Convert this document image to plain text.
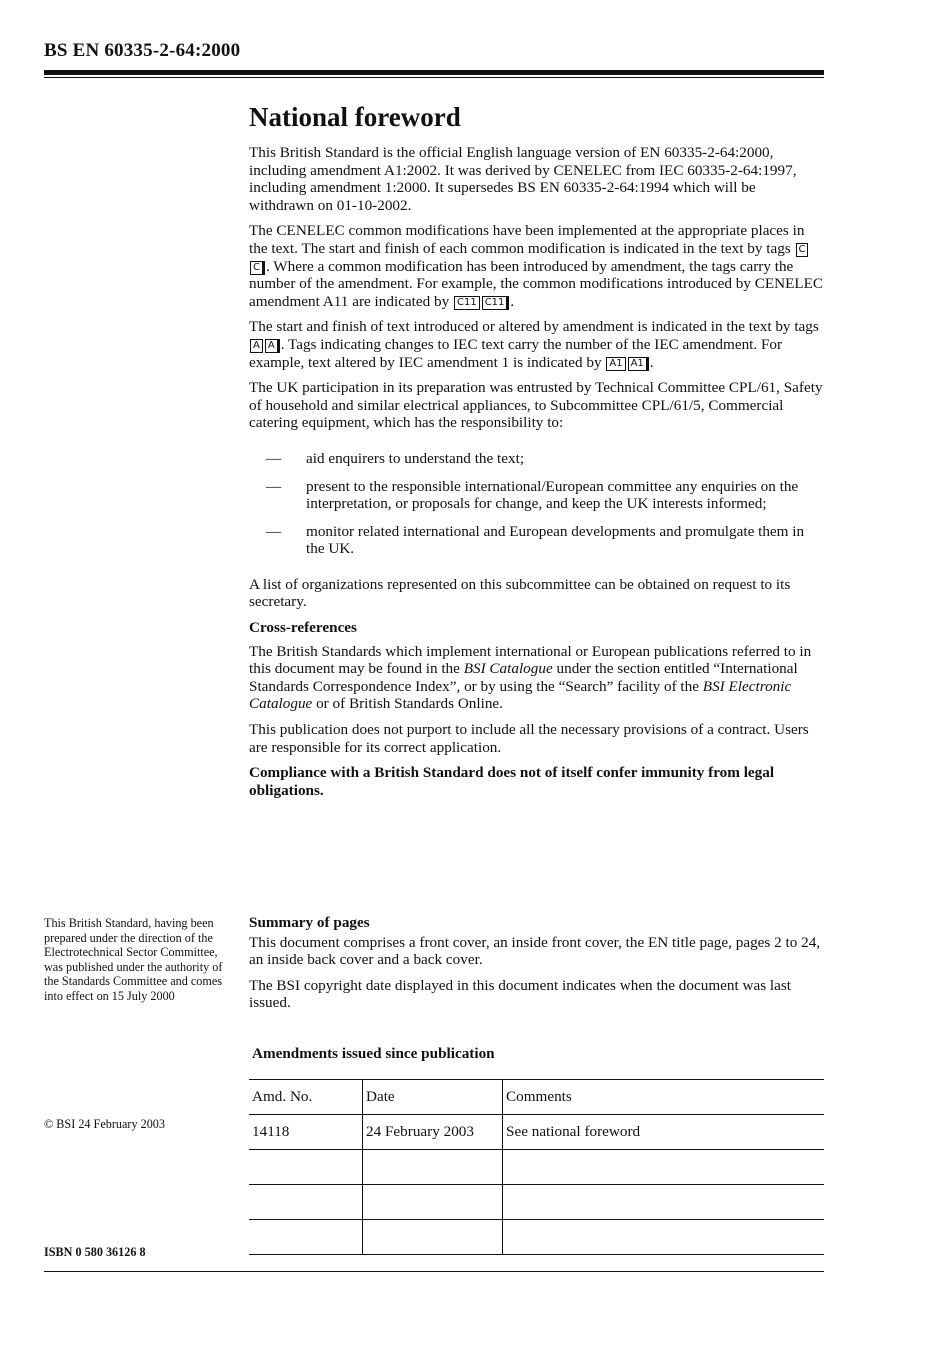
BS EN 60335-2-64:2000
National foreword

This British Standard is the official English language version of EN 60335-2-64:2000, including amendment A1:2002. It was derived by CENELEC from IEC 60335-2-64:1997, including amendment 1:2000. It supersedes BS EN 60335-2-64:1994 which will be withdrawn on 01-10-2002.

The CENELEC common modifications have been implemented at the appropriate places in the text. The start and finish of each common modification is indicated in the text by tags CC . Where a common modification has been introduced by amendment, the tags carry the number of the amendment. For example, the common modifications introduced by CENELEC amendment A11 are indicated by C11 C11 .

The start and finish of text introduced or altered by amendment is indicated in the text by tags A A . Tags indicating changes to IEC text carry the number of the IEC amendment. For example, text altered by IEC amendment 1 is indicated by A1 A1 .

The UK participation in its preparation was entrusted by Technical Committee CPL/61, Safety of household and similar electrical appliances, to Subcommittee CPL/61/5, Commercial catering equipment, which has the responsibility to:

— aid enquirers to understand the text;
— present to the responsible international/European committee any enquiries on the interpretation, or proposals for change, and keep the UK interests informed;
— monitor related international and European developments and promulgate them in the UK.

A list of organizations represented on this subcommittee can be obtained on request to its secretary.

Cross-references

The British Standards which implement international or European publications referred to in this document may be found in the BSI Catalogue under the section entitled “International Standards Correspondence Index”, or by using the “Search” facility of the BSI Electronic Catalogue or of British Standards Online.

This publication does not purport to include all the necessary provisions of a contract. Users are responsible for its correct application.

Compliance with a British Standard does not of itself confer immunity from legal obligations.

This British Standard, having been prepared under the direction of the Electrotechnical Sector Committee, was published under the authority of the Standards Committee and comes into effect on 15 July 2000
Summary of pages

This document comprises a front cover, an inside front cover, the EN title page, pages 2 to 24, an inside back cover and a back cover.

The BSI copyright date displayed in this document indicates when the document was last issued.

Amendments issued since publication
Amd. No.	Date	Comments
14118	24 February 2003	See national foreword

© BSI 24 February 2003
ISBN 0 580 36126 8
